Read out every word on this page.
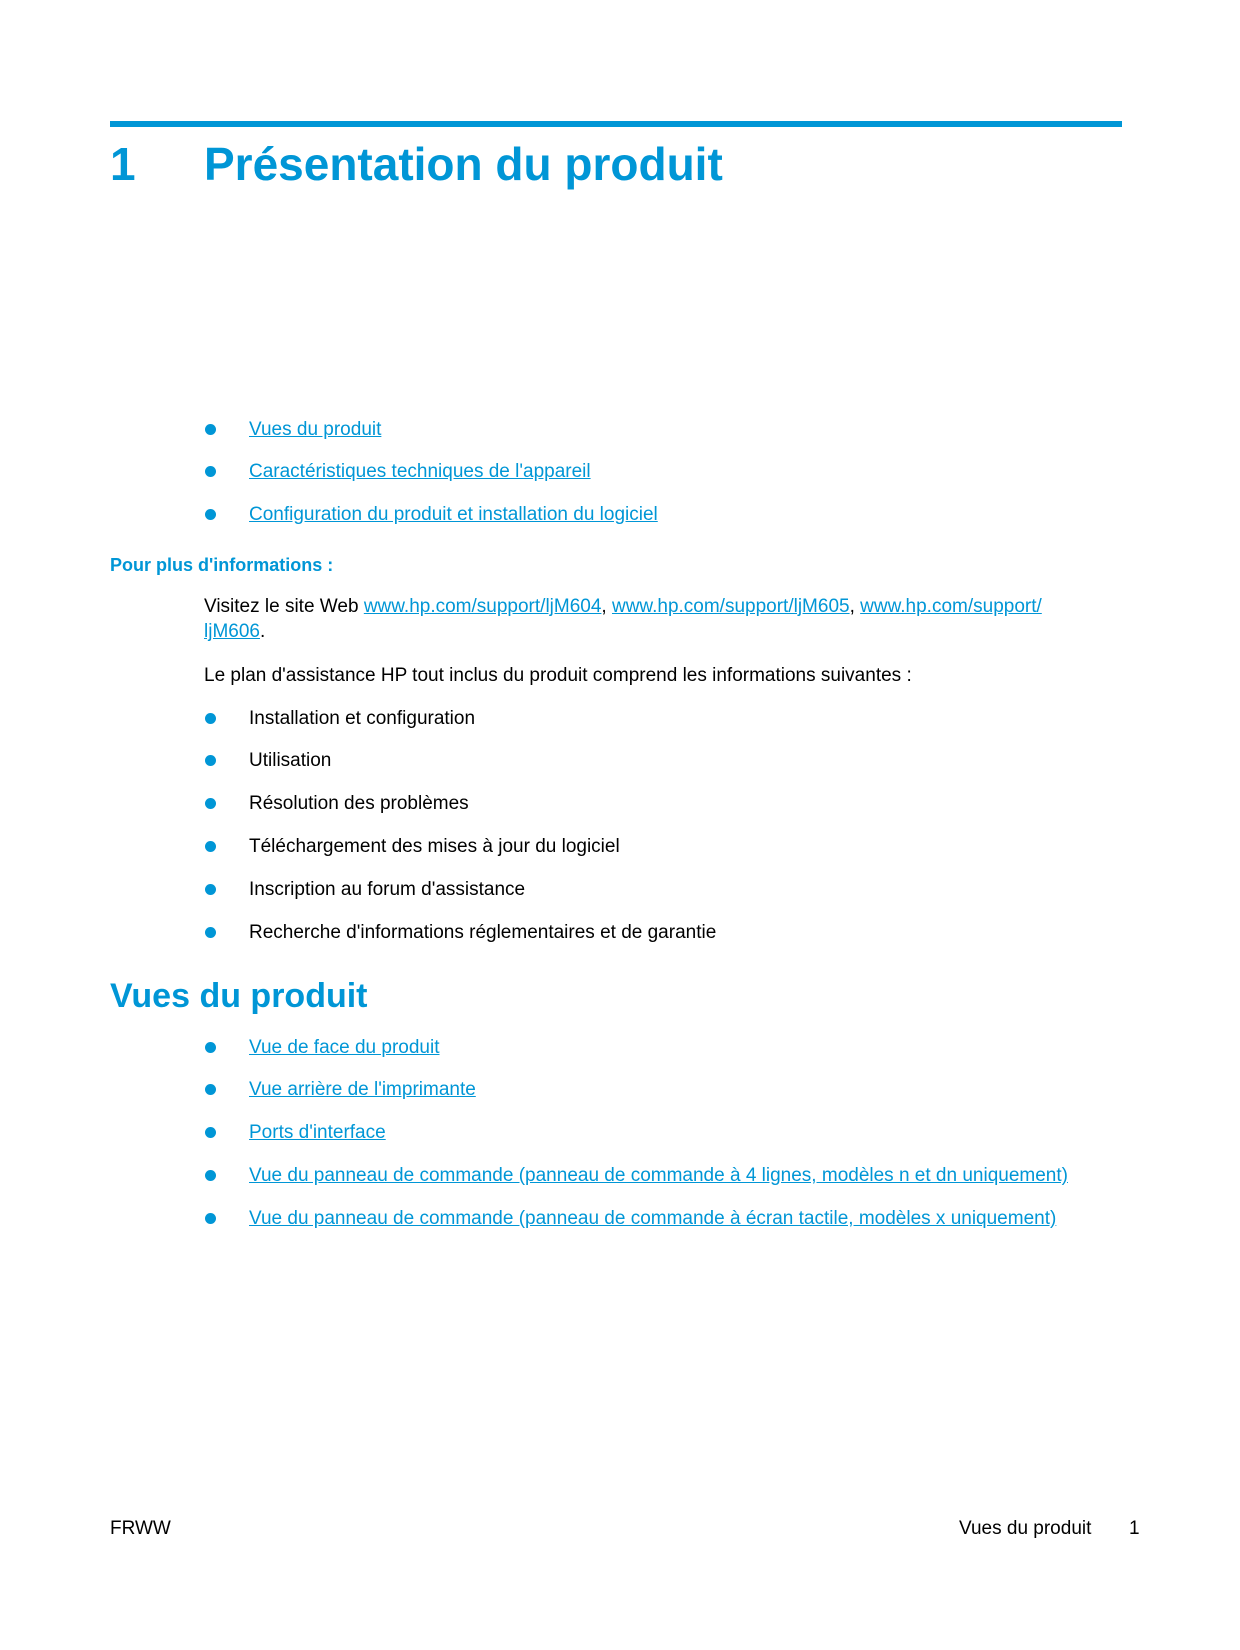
1 Présentation du produit
Vues du produit
Caractéristiques techniques de l'appareil
Configuration du produit et installation du logiciel
Pour plus d'informations :

Visitez le site Web www.hp.com/support/ljM604, www.hp.com/support/ljM605, www.hp.com/support/
ljM606.

Le plan d'assistance HP tout inclus du produit comprend les informations suivantes :

Installation et configuration
Utilisation
Résolution des problèmes
Téléchargement des mises à jour du logiciel
Inscription au forum d'assistance
Recherche d'informations réglementaires et de garantie
Vues du produit
Vue de face du produit
Vue arrière de l'imprimante
Ports d'interface
Vue du panneau de commande (panneau de commande à 4 lignes, modèles n et dn uniquement)
Vue du panneau de commande (panneau de commande à écran tactile, modèles x uniquement)

FRWW	Vues du produit 1
